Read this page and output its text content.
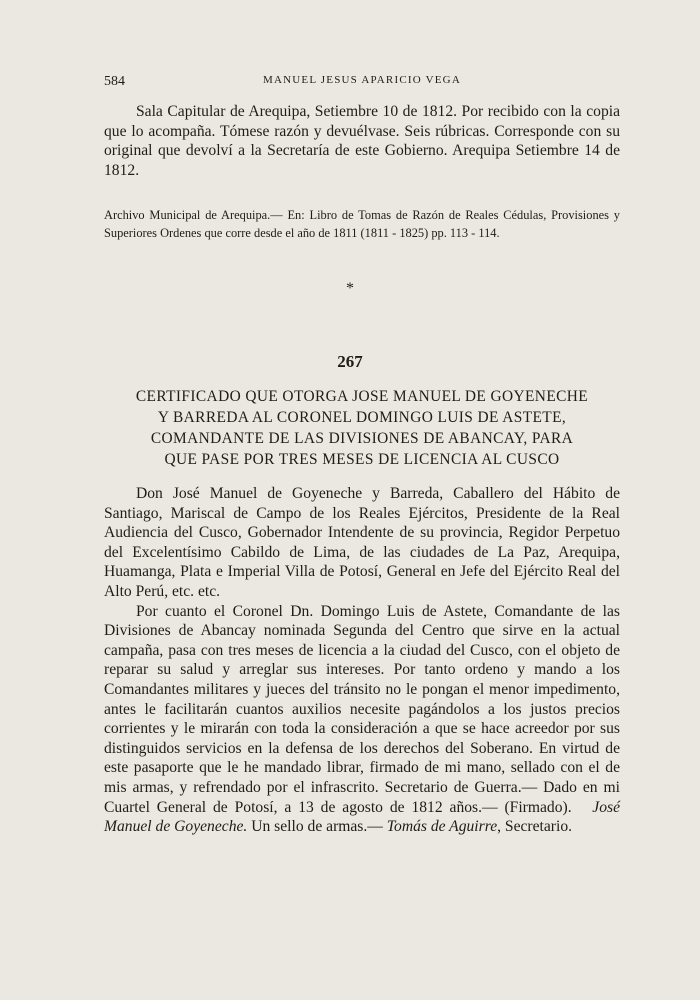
584	MANUEL JESUS APARICIO VEGA

Sala Capitular de Arequipa, Setiembre 10 de 1812. Por recibido con la copia que lo acompaña. Tómese razón y devuélvase. Seis rúbricas. Corresponde con su original que devolví a la Secretaría de este Gobierno. Arequipa Setiembre 14 de 1812.

Archivo Municipal de Arequipa.— En: Libro de Tomas de Razón de Reales Cédulas, Provisiones y Superiores Ordenes que corre desde el año de 1811 (1811 - 1825) pp. 113 - 114.

*
267
CERTIFICADO QUE OTORGA JOSE MANUEL DE GOYENECHE
Y BARREDA AL CORONEL DOMINGO LUIS DE ASTETE,
COMANDANTE DE LAS DIVISIONES DE ABANCAY, PARA
QUE PASE POR TRES MESES DE LICENCIA AL CUSCO

Don José Manuel de Goyeneche y Barreda, Caballero del Hábito de Santiago, Mariscal de Campo de los Reales Ejércitos, Presidente de la Real Audiencia del Cusco, Gobernador Intendente de su provincia, Regidor Perpetuo del Excelentísimo Cabildo de Lima, de las ciudades de La Paz, Arequipa, Huamanga, Plata e Imperial Villa de Potosí, General en Jefe del Ejército Real del Alto Perú, etc. etc.

Por cuanto el Coronel Dn. Domingo Luis de Astete, Comandante de las Divisiones de Abancay nominada Segunda del Centro que sirve en la actual campaña, pasa con tres meses de licencia a la ciudad del Cusco, con el objeto de reparar su salud y arreglar sus intereses. Por tanto ordeno y mando a los Comandantes militares y jueces del tránsito no le pongan el menor impedimento, antes le facilitarán cuantos auxilios necesite pagándolos a los justos precios corrientes y le mirarán con toda la consideración a que se hace acreedor por sus distinguidos servicios en la defensa de los derechos del Soberano. En virtud de este pasaporte que le he mandado librar, firmado de mi mano, sellado con el de mis armas, y refrendado por el infrascrito. Secretario de Guerra.— Dado en mi Cuartel General de Potosí, a 13 de agosto de 1812 años.— (Firmado). José Manuel de Goyeneche. Un sello de armas.— Tomás de Aguirre, Secretario.
